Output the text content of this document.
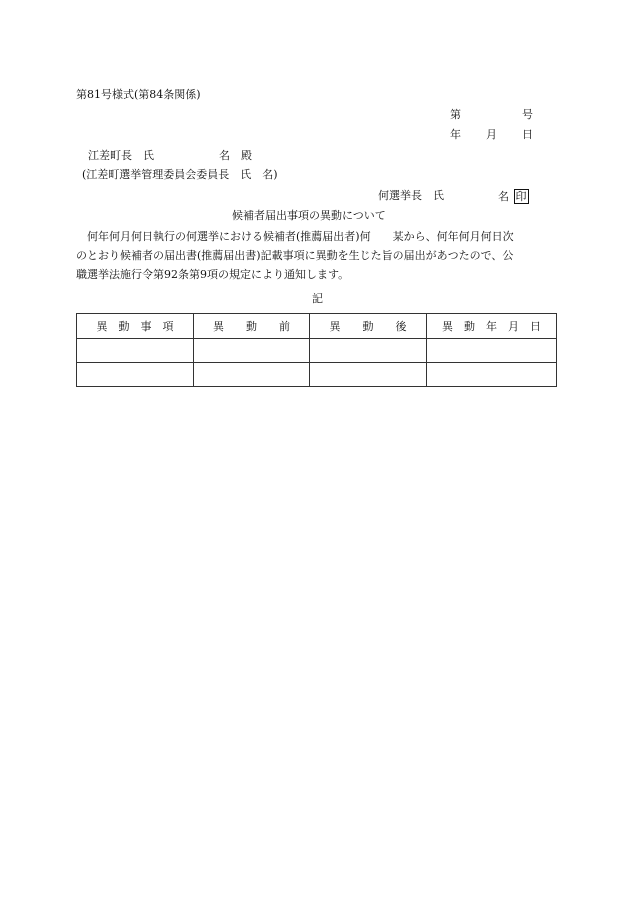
第81号様式(第84条関係)
第	号
年 月 日
江差町長　氏	名　殿
(江差町選挙管理委員会委員長　氏　名)
何選挙長　氏	名 印
候補者届出事項の異動について
　何年何月何日執行の何選挙における候補者(推薦届出者)何　　某から、何年何月何日次
のとおり候補者の届出書(推薦届出書)記載事項に異動を生じた旨の届出があつたので、公
職選挙法施行令第92条第9項の規定により通知します。
記
異　動　事　項	異　　動　　前	異　　動　　後	異　動　年　月　日
